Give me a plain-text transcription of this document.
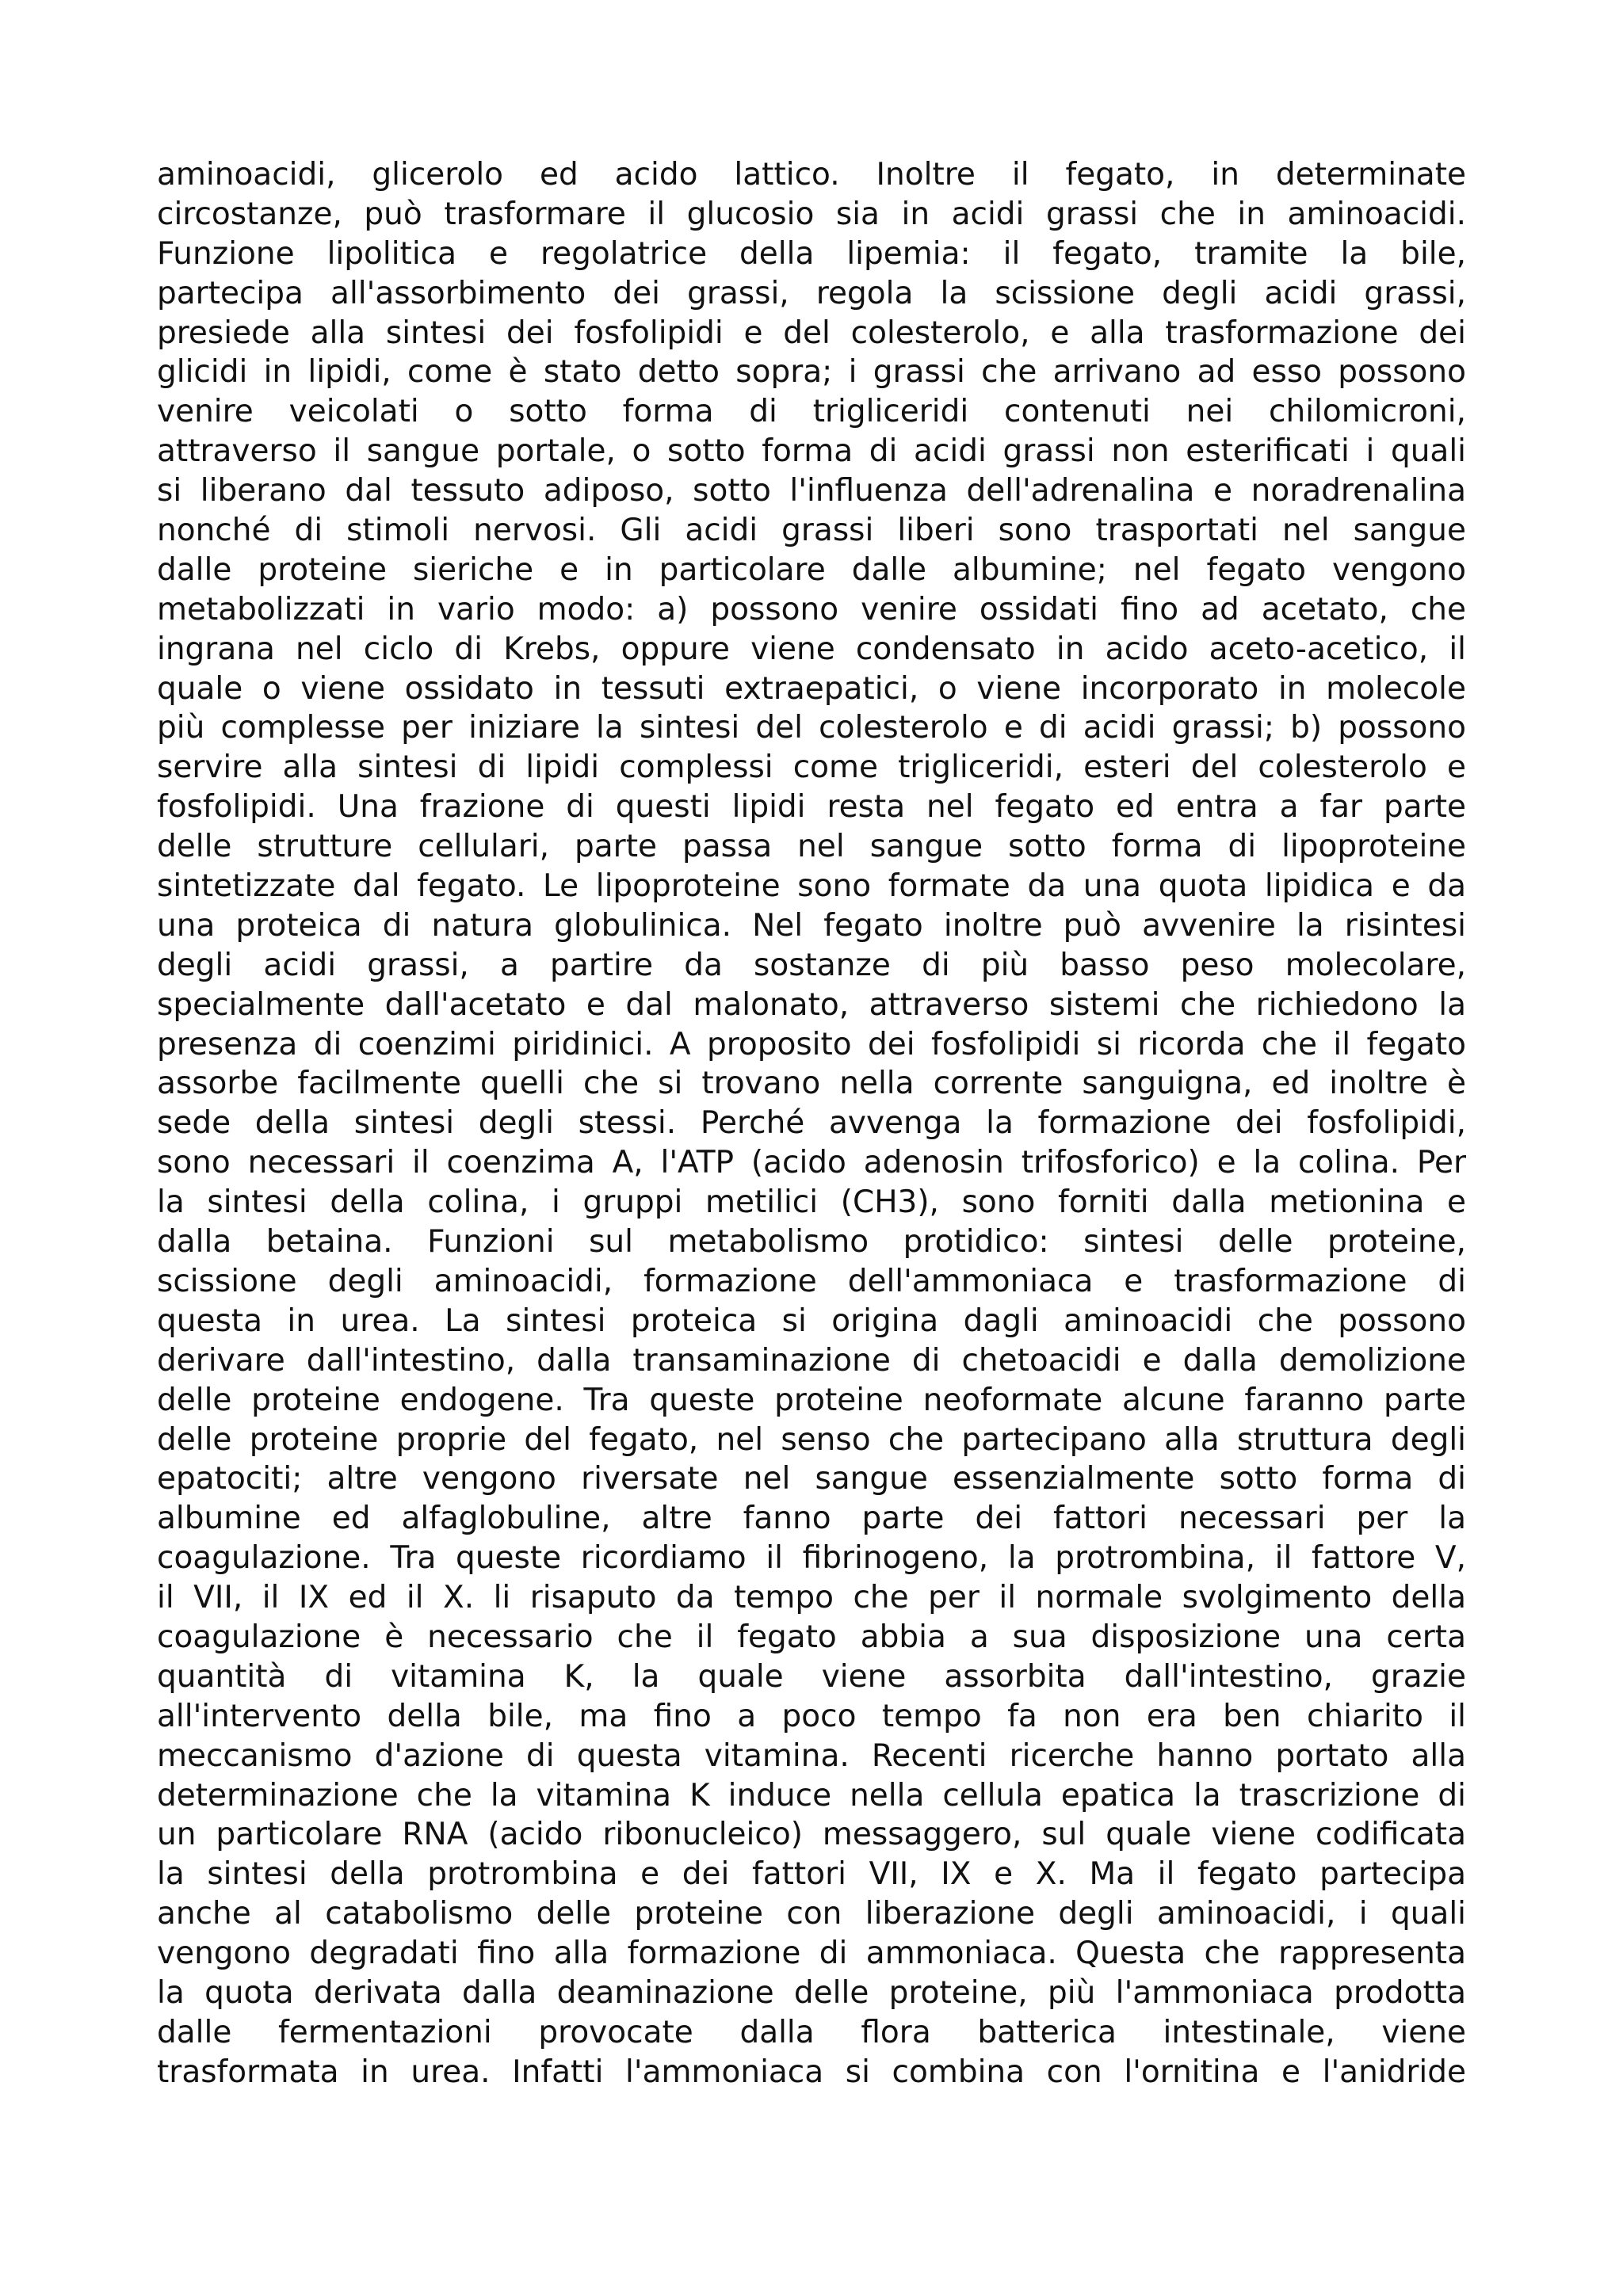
aminoacidi, glicerolo ed acido lattico. Inoltre il fegato, in determinate
circostanze, può trasformare il glucosio sia in acidi grassi che in aminoacidi.
Funzione lipolitica e regolatrice della lipemia: il fegato, tramite la bile,
partecipa all'assorbimento dei grassi, regola la scissione degli acidi grassi,
presiede alla sintesi dei fosfolipidi e del colesterolo, e alla trasformazione dei
glicidi in lipidi, come è stato detto sopra; i grassi che arrivano ad esso possono
venire veicolati o sotto forma di trigliceridi contenuti nei chilomicroni,
attraverso il sangue portale, o sotto forma di acidi grassi non esterificati i quali
si liberano dal tessuto adiposo, sotto l'influenza dell'adrenalina e noradrenalina
nonché di stimoli nervosi. Gli acidi grassi liberi sono trasportati nel sangue
dalle proteine sieriche e in particolare dalle albumine; nel fegato vengono
metabolizzati in vario modo: a) possono venire ossidati fino ad acetato, che
ingrana nel ciclo di Krebs, oppure viene condensato in acido aceto-acetico, il
quale o viene ossidato in tessuti extraepatici, o viene incorporato in molecole
più complesse per iniziare la sintesi del colesterolo e di acidi grassi; b) possono
servire alla sintesi di lipidi complessi come trigliceridi, esteri del colesterolo e
fosfolipidi. Una frazione di questi lipidi resta nel fegato ed entra a far parte
delle strutture cellulari, parte passa nel sangue sotto forma di lipoproteine
sintetizzate dal fegato. Le lipoproteine sono formate da una quota lipidica e da
una proteica di natura globulinica. Nel fegato inoltre può avvenire la risintesi
degli acidi grassi, a partire da sostanze di più basso peso molecolare,
specialmente dall'acetato e dal malonato, attraverso sistemi che richiedono la
presenza di coenzimi piridinici. A proposito dei fosfolipidi si ricorda che il fegato
assorbe facilmente quelli che si trovano nella corrente sanguigna, ed inoltre è
sede della sintesi degli stessi. Perché avvenga la formazione dei fosfolipidi,
sono necessari il coenzima A, l'ATP (acido adenosin trifosforico) e la colina. Per
la sintesi della colina, i gruppi metilici (CH3), sono forniti dalla metionina e
dalla betaina. Funzioni sul metabolismo protidico: sintesi delle proteine,
scissione degli aminoacidi, formazione dell'ammoniaca e trasformazione di
questa in urea. La sintesi proteica si origina dagli aminoacidi che possono
derivare dall'intestino, dalla transaminazione di chetoacidi e dalla demolizione
delle proteine endogene. Tra queste proteine neoformate alcune faranno parte
delle proteine proprie del fegato, nel senso che partecipano alla struttura degli
epatociti; altre vengono riversate nel sangue essenzialmente sotto forma di
albumine ed alfaglobuline, altre fanno parte dei fattori necessari per la
coagulazione. Tra queste ricordiamo il fibrinogeno, la protrombina, il fattore V,
il VII, il IX ed il X. li risaputo da tempo che per il normale svolgimento della
coagulazione è necessario che il fegato abbia a sua disposizione una certa
quantità di vitamina K, la quale viene assorbita dall'intestino, grazie
all'intervento della bile, ma fino a poco tempo fa non era ben chiarito il
meccanismo d'azione di questa vitamina. Recenti ricerche hanno portato alla
determinazione che la vitamina K induce nella cellula epatica la trascrizione di
un particolare RNA (acido ribonucleico) messaggero, sul quale viene codificata
la sintesi della protrombina e dei fattori VII, IX e X. Ma il fegato partecipa
anche al catabolismo delle proteine con liberazione degli aminoacidi, i quali
vengono degradati fino alla formazione di ammoniaca. Questa che rappresenta
la quota derivata dalla deaminazione delle proteine, più l'ammoniaca prodotta
dalle fermentazioni provocate dalla flora batterica intestinale, viene
trasformata in urea. Infatti l'ammoniaca si combina con l'ornitina e l'anidride
